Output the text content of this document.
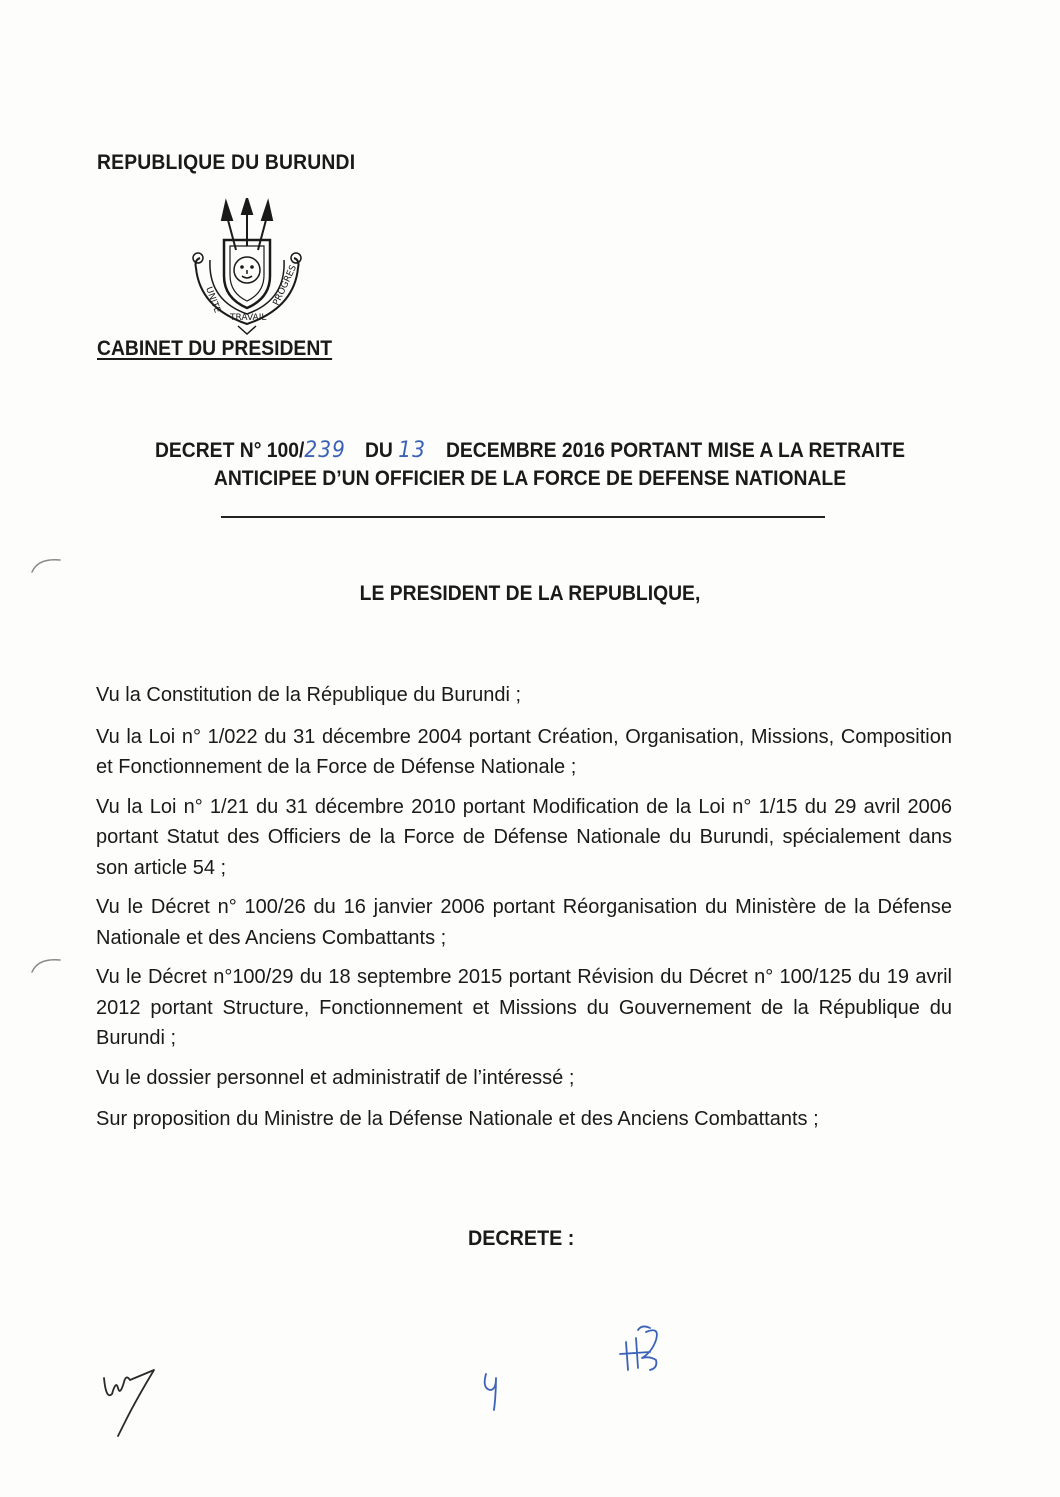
REPUBLIQUE DU BURUNDI
UNITE
TRAVAIL
PROGRES
CABINET DU PRESIDENT
DECRET N° 100/239 DU 13 DECEMBRE 2016 PORTANT MISE A LA RETRAITE
ANTICIPEE D’UN OFFICIER DE LA FORCE DE DEFENSE NATIONALE
LE PRESIDENT DE LA REPUBLIQUE,

Vu la Constitution de la République du Burundi ;

Vu la Loi n° 1/022 du 31 décembre 2004 portant Création, Organisation, Missions, Composition et Fonctionnement de la Force de Défense Nationale ;

Vu la Loi n° 1/21 du 31 décembre 2010 portant Modification de la Loi n° 1/15 du 29 avril 2006 portant Statut des Officiers de la Force de Défense Nationale du Burundi, spécialement dans son article 54 ;

Vu le Décret n° 100/26 du 16 janvier 2006 portant Réorganisation du Ministère de la Défense Nationale et des Anciens Combattants ;

Vu le Décret n°100/29 du 18 septembre 2015 portant Révision du Décret n° 100/125 du 19 avril 2012 portant Structure, Fonctionnement et Missions du Gouvernement de la République du Burundi ;

Vu le dossier personnel et administratif de l’intéressé ;

Sur proposition du Ministre de la Défense Nationale et des Anciens Combattants ;

DECRETE :
